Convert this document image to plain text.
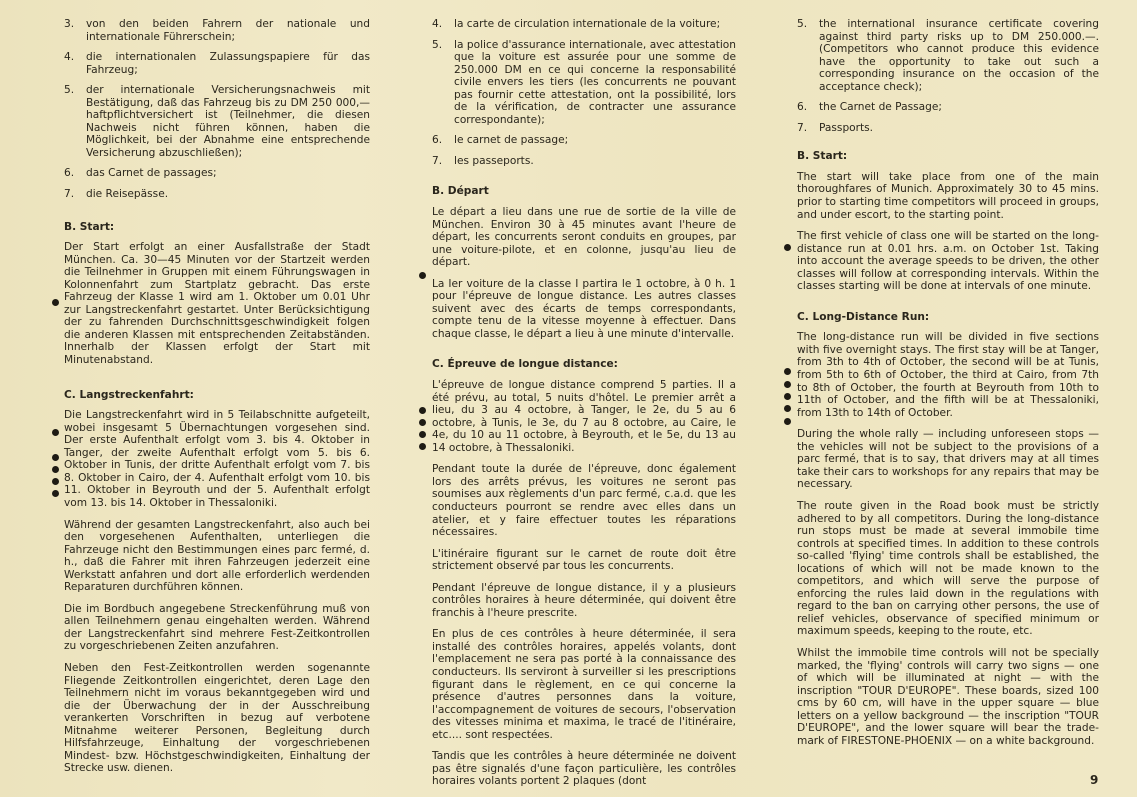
3.	von den beiden Fahrern der nationale und internationale Führerschein;
4.	die internationalen Zulassungspapiere für das Fahrzeug;
5.	der internationale Versicherungsnachweis mit Bestätigung, daß das Fahrzeug bis zu DM 250 000,— haftpflichtversichert ist (Teilnehmer, die diesen Nachweis nicht führen können, haben die Möglichkeit, bei der Abnahme eine entsprechende Versicherung abzuschließen);
6.	das Carnet de passages;
7.	die Reisepässe.
B. Start:

Der Start erfolgt an einer Ausfallstraße der Stadt München. Ca. 30—45 Minuten vor der Startzeit werden die Teilnehmer in Gruppen mit einem Führungswagen in Kolonnenfahrt zum Startplatz gebracht. Das erste Fahrzeug der Klasse 1 wird am 1. Oktober um 0.01 Uhr zur Langstreckenfahrt gestartet. Unter Berücksichtigung der zu fahrenden Durchschnittsgeschwindigkeit folgen die anderen Klassen mit entsprechenden Zeitabständen. Innerhalb der Klassen erfolgt der Start mit Minutenabstand.

C. Langstreckenfahrt:

Die Langstreckenfahrt wird in 5 Teilabschnitte aufgeteilt, wobei insgesamt 5 Übernachtungen vorgesehen sind. Der erste Aufenthalt erfolgt vom 3. bis 4. Oktober in Tanger, der zweite Aufenthalt erfolgt vom 5. bis 6. Oktober in Tunis, der dritte Aufenthalt erfolgt vom 7. bis 8. Oktober in Cairo, der 4. Aufenthalt erfolgt vom 10. bis 11. Oktober in Beyrouth und der 5. Aufenthalt erfolgt vom 13. bis 14. Oktober in Thessaloniki.

Während der gesamten Langstreckenfahrt, also auch bei den vorgesehenen Aufenthalten, unterliegen die Fahrzeuge nicht den Bestimmungen eines parc fermé, d. h., daß die Fahrer mit ihren Fahrzeugen jederzeit eine Werkstatt anfahren und dort alle erforderlich werdenden Reparaturen durchführen können.

Die im Bordbuch angegebene Streckenführung muß von allen Teilnehmern genau eingehalten werden. Während der Langstreckenfahrt sind mehrere Fest-Zeitkontrollen zu vorgeschriebenen Zeiten anzufahren.

Neben den Fest-Zeitkontrollen werden sogenannte Fliegende Zeitkontrollen eingerichtet, deren Lage den Teilnehmern nicht im voraus bekanntgegeben wird und die der Überwachung der in der Ausschreibung verankerten Vorschriften in bezug auf verbotene Mitnahme weiterer Personen, Begleitung durch Hilfsfahrzeuge, Einhaltung der vorgeschriebenen Mindest- bzw. Höchstgeschwindigkeiten, Einhaltung der Strecke usw. dienen.

4.	la carte de circulation internationale de la voiture;
5.	la police d'assurance internationale, avec attestation que la voiture est assurée pour une somme de 250.000 DM en ce qui concerne la responsabilité civile envers les tiers (les concurrents ne pouvant pas fournir cette attestation, ont la possibilité, lors de la vérification, de contracter une assurance correspondante);
6.	le carnet de passage;
7.	les passeports.
B. Départ

Le départ a lieu dans une rue de sortie de la ville de München. Environ 30 à 45 minutes avant l'heure de départ, les concurrents seront conduits en groupes, par une voiture-pilote, et en colonne, jusqu'au lieu de départ.

La Ier voiture de la classe I partira le 1 octobre, à 0 h. 1 pour l'épreuve de longue distance. Les autres classes suivent avec des écarts de temps correspondants, compte tenu de la vitesse moyenne à effectuer. Dans chaque classe, le départ a lieu à une minute d'intervalle.

C. Épreuve de longue distance:

L'épreuve de longue distance comprend 5 parties. Il a été prévu, au total, 5 nuits d'hôtel. Le premier arrêt a lieu, du 3 au 4 octobre, à Tanger, le 2e, du 5 au 6 octobre, à Tunis, le 3e, du 7 au 8 octobre, au Caire, le 4e, du 10 au 11 octobre, à Beyrouth, et le 5e, du 13 au 14 octobre, à Thessaloniki.

Pendant toute la durée de l'épreuve, donc également lors des arrêts prévus, les voitures ne seront pas soumises aux règlements d'un parc fermé, c.a.d. que les conducteurs pourront se rendre avec elles dans un atelier, et y faire effectuer toutes les réparations nécessaires.

L'itinéraire figurant sur le carnet de route doit être strictement observé par tous les concurrents.

Pendant l'épreuve de longue distance, il y a plusieurs contrôles horaires à heure déterminée, qui doivent être franchis à l'heure prescrite.

En plus de ces contrôles à heure déterminée, il sera installé des contrôles horaires, appelés volants, dont l'emplacement ne sera pas porté à la connaissance des conducteurs. Ils serviront à surveiller si les prescriptions figurant dans le règlement, en ce qui concerne la présence d'autres personnes dans la voiture, l'accompagnement de voitures de secours, l'observation des vitesses minima et maxima, le tracé de l'itinéraire, etc.... sont respectées.

Tandis que les contrôles à heure déterminée ne doivent pas être signalés d'une façon particulière, les contrôles horaires volants portent 2 plaques (dont

5.	the international insurance certificate covering against third party risks up to DM 250.000.—. (Competitors who cannot produce this evidence have the opportunity to take out such a corresponding insurance on the occasion of the acceptance check);
6.	the Carnet de Passage;
7.	Passports.
B. Start:

The start will take place from one of the main thoroughfares of Munich. Approximately 30 to 45 mins. prior to starting time competitors will proceed in groups, and under escort, to the starting point.

The first vehicle of class one will be started on the long-distance run at 0.01 hrs. a.m. on October 1st. Taking into account the average speeds to be driven, the other classes will follow at corresponding intervals. Within the classes starting will be done at intervals of one minute.

C. Long-Distance Run:

The long-distance run will be divided in five sections with five overnight stays. The first stay will be at Tanger, from 3th to 4th of October, the second will be at Tunis, from 5th to 6th of October, the third at Cairo, from 7th to 8th of October, the fourth at Beyrouth from 10th to 11th of October, and the fifth will be at Thessaloniki, from 13th to 14th of October.

During the whole rally — including unforeseen stops — the vehicles will not be subject to the provisions of a parc fermé, that is to say, that drivers may at all times take their cars to workshops for any repairs that may be necessary.

The route given in the Road book must be strictly adhered to by all competitors. During the long-distance run stops must be made at several immobile time controls at specified times. In addition to these controls so-called 'flying' time controls shall be established, the locations of which will not be made known to the competitors, and which will serve the purpose of enforcing the rules laid down in the regulations with regard to the ban on carrying other persons, the use of relief vehicles, observance of specified minimum or maximum speeds, keeping to the route, etc.

Whilst the immobile time controls will not be specially marked, the 'flying' controls will carry two signs — one of which will be illuminated at night — with the inscription "TOUR D'EUROPE". These boards, sized 100 cms by 60 cm, will have in the upper square — blue letters on a yellow background — the inscription "TOUR D'EUROPE", and the lower square will bear the trade-mark of FIRESTONE-PHOENIX — on a white background.

9
